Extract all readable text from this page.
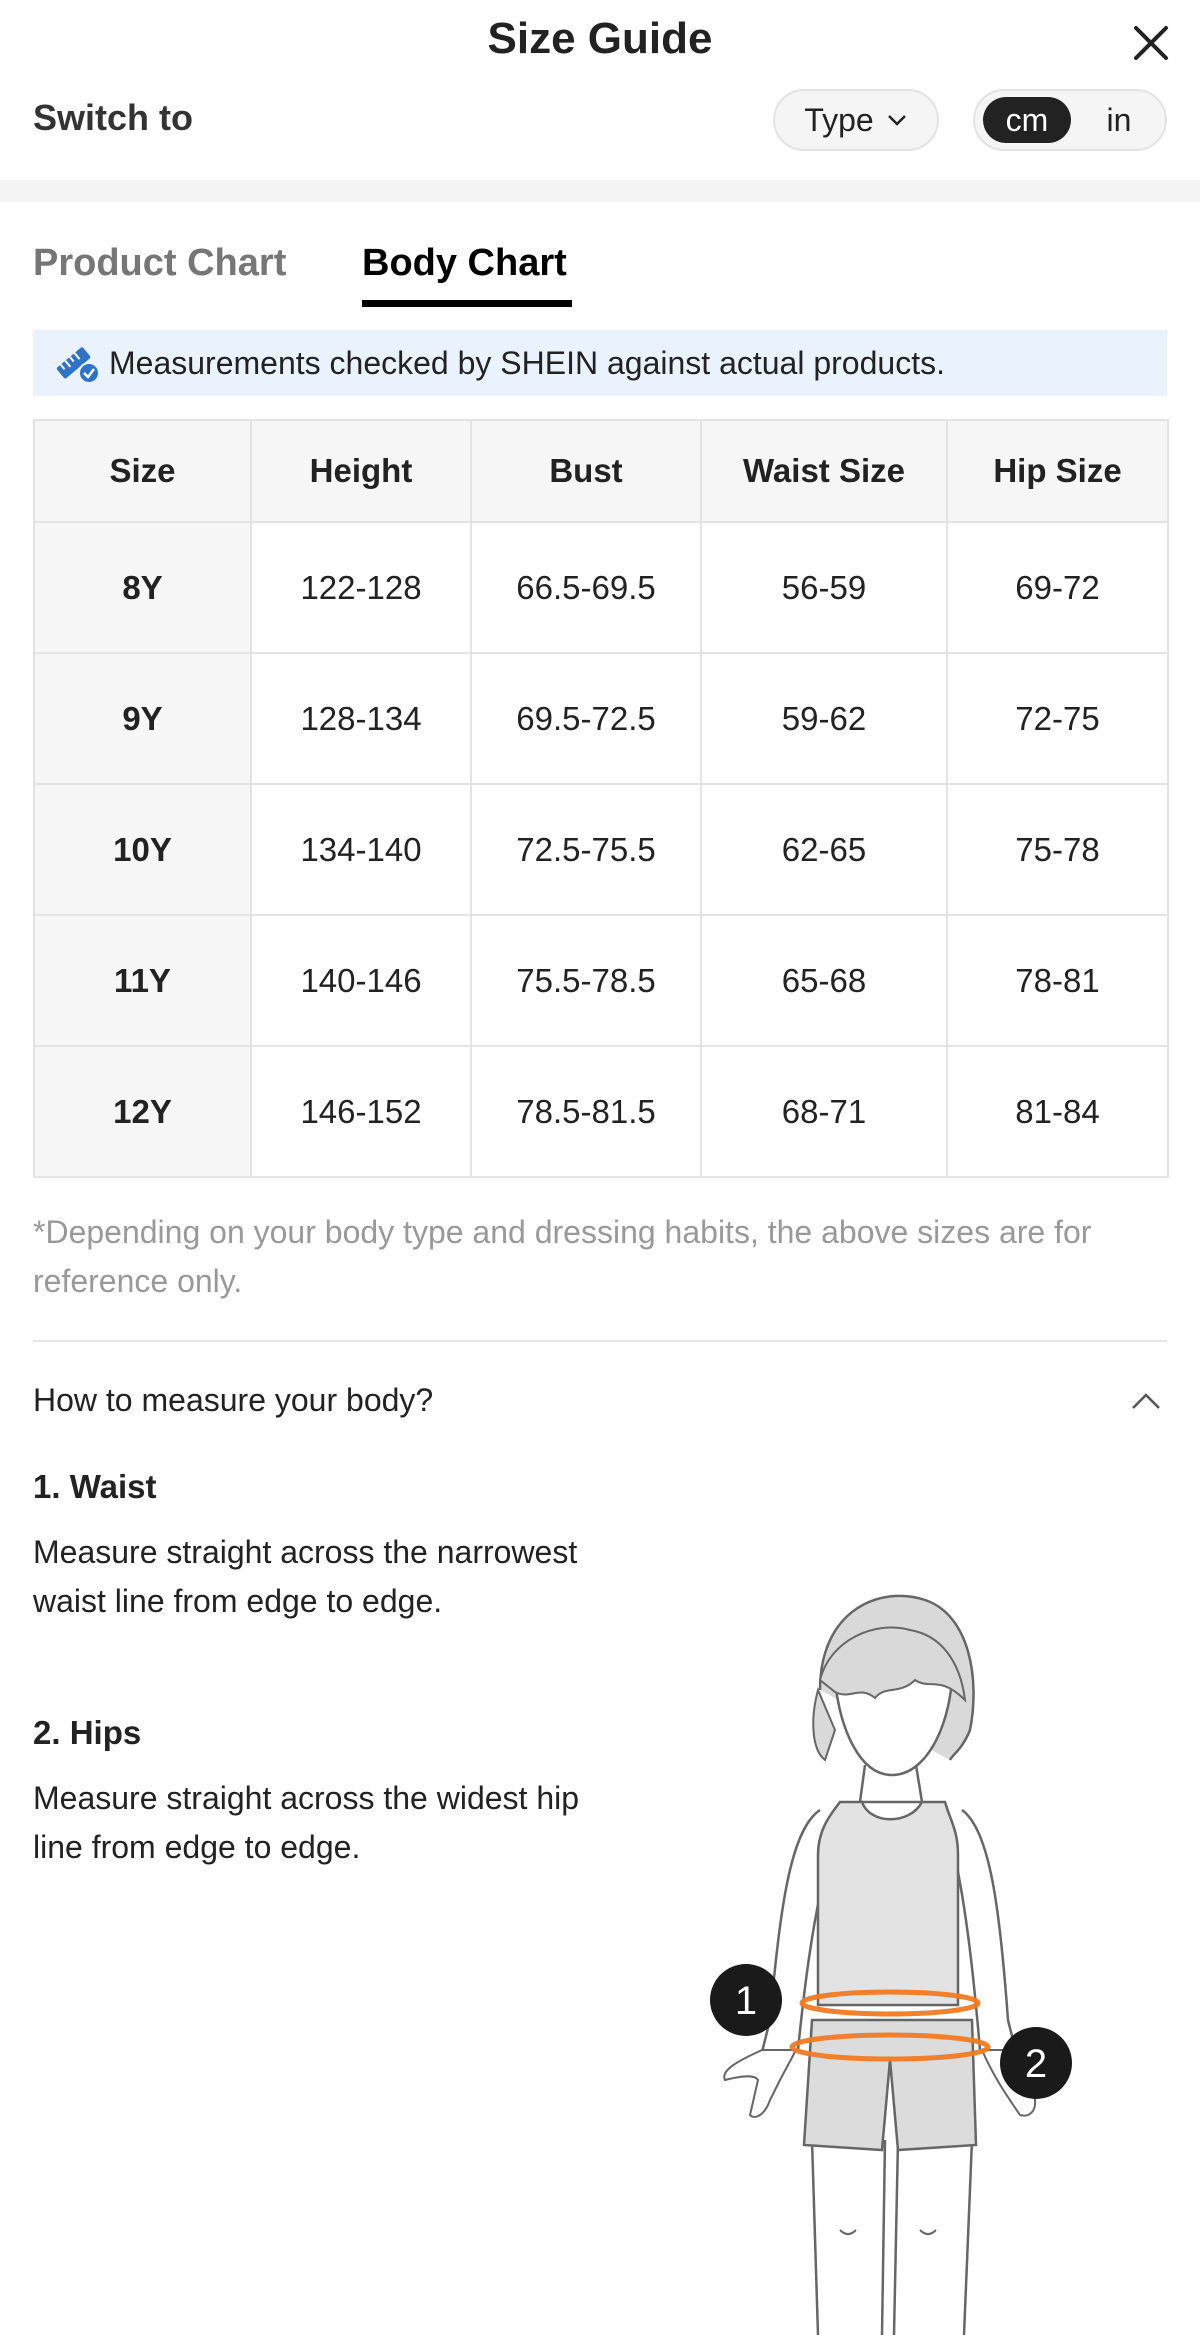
Size Guide
Switch to	Type	cm	in
Product Chart Body Chart
Measurements checked by SHEIN against actual products.
Size	Height	Bust	Waist Size	Hip Size
8Y	122-128	66.5-69.5	56-59	69-72
9Y	128-134	69.5-72.5	59-62	72-75
10Y	134-140	72.5-75.5	62-65	75-78
11Y	140-146	75.5-78.5	65-68	78-81
12Y	146-152	78.5-81.5	68-71	81-84
*Depending on your body type and dressing habits, the above sizes are for reference only.
How to measure your body?
1. Waist
Measure straight across the narrowest waist line from edge to edge.
2. Hips
Measure straight across the widest hip line from edge to edge.
1
2
